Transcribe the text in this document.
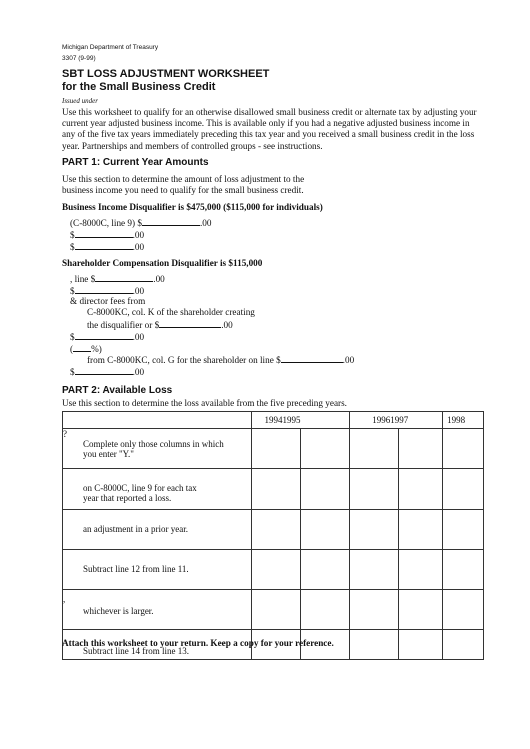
Michigan Department of Treasury
3307 (9-99)
SBT LOSS ADJUSTMENT WORKSHEET
for the Small Business Credit
Issued under
Use this worksheet to qualify for an otherwise disallowed small business credit or alternate tax by adjusting your current year adjusted business income. This is available only if you had a negative adjusted business income in any of the five tax years immediately preceding this tax year and you received a small business credit in the loss year. Partnerships and members of controlled groups - see instructions.
PART 1: Current Year Amounts
Use this section to determine the amount of loss adjustment to the
business income you need to qualify for the small business credit.
Business Income Disqualifier is $475,000 ($115,000 for individuals)
(C-8000C, line 9) $	.00
$	.00
$	.00
Shareholder Compensation Disqualifier is $115,000
, line $	.00
$	.00
& director fees from
C-8000KC, col. K of the shareholder creating
the disqualifier or $	.00
$	.00
( %)
from C-8000KC, col. G for the shareholder on line $	.00
$	.00
PART 2: Available Loss
Use this section to determine the loss available from the five preceding years.
	19941995		19961997		1998

?
Complete only those columns in which
you enter "Y."					

on C-8000C, line 9 for each tax
year that reported a loss.					

an adjustment in a prior year.					

Subtract line 12 from line 11.					

,
whichever is larger.					

Subtract line 14 from line 13.					

Attach this worksheet to your return. Keep a copy for your reference.
